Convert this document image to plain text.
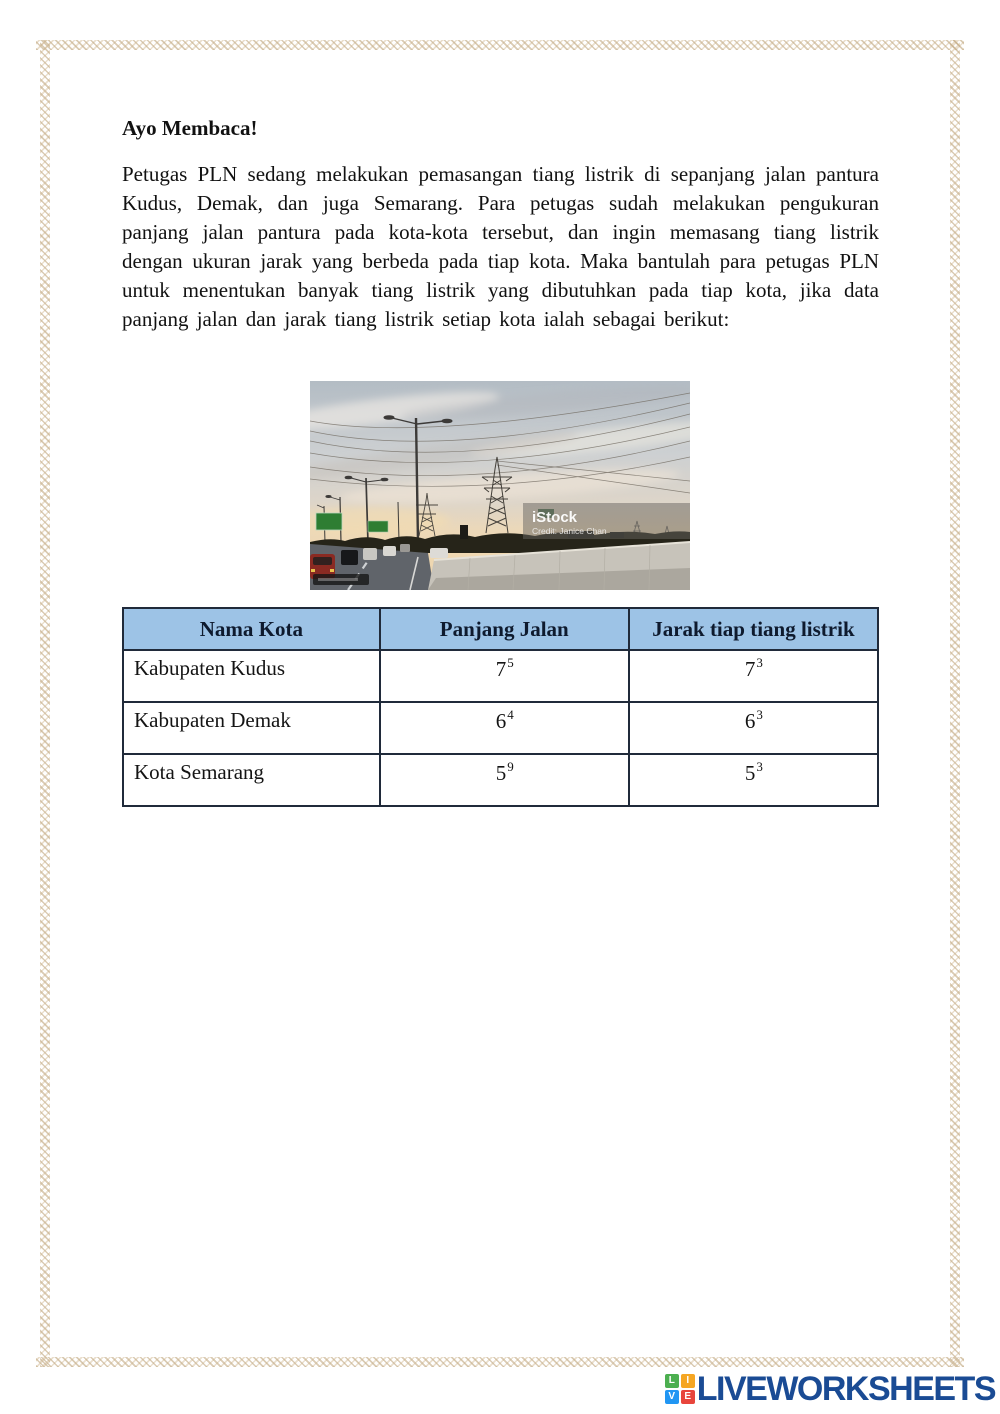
Ayo Membaca!
Petugas PLN sedang melakukan pemasangan tiang listrik di sepanjang jalan pantura Kudus, Demak, dan juga Semarang. Para petugas sudah melakukan pengukuran panjang jalan pantura pada kota-kota tersebut, dan ingin memasang tiang listrik dengan ukuran jarak yang berbeda pada tiap kota. Maka bantulah para petugas PLN untuk menentukan banyak tiang listrik yang dibutuhkan pada tiap kota, jika data panjang jalan dan jarak tiang listrik setiap kota ialah sebagai berikut:
iStock
Credit: Janice Chan
Nama Kota	Panjang Jalan	Jarak tiap tiang listrik
Kabupaten Kudus	$7^5$	$7^3$
Kabupaten Demak	$6^4$	$6^3$
Kota Semarang	$5^9$	$5^3$
L	I
V E LIVEWORKSHEETS
